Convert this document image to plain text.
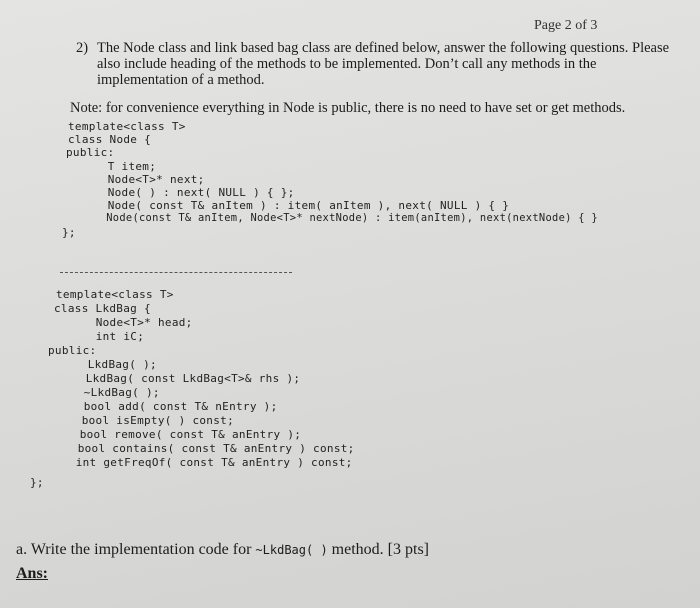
Page 2 of 3
2) The Node class and link based bag class are defined below, answer the following questions. Please
also include heading of the methods to be implemented. Don’t call any methods in the
implementation of a method.
Note: for convenience everything in Node is public, there is no need to have set or get methods.
template<class T>
class Node {
public:
T item;
Node<T>* next;
Node( ) : next( NULL ) { };
Node( const T& anItem ) : item( anItem ), next( NULL ) { }
Node(const T& anItem, Node<T>* nextNode) : item(anItem), next(nextNode) { }
};
template<class T>
class LkdBag {
Node<T>* head;
int iC;
public:
LkdBag( );
LkdBag( const LkdBag<T>& rhs );
~LkdBag( );
bool add( const T& nEntry );
bool isEmpty( ) const;
bool remove( const T& anEntry );
bool contains( const T& anEntry ) const;
int getFreqOf( const T& anEntry ) const;
};
a. Write the implementation code for ~LkdBag( ) method. [3 pts]
Ans:
